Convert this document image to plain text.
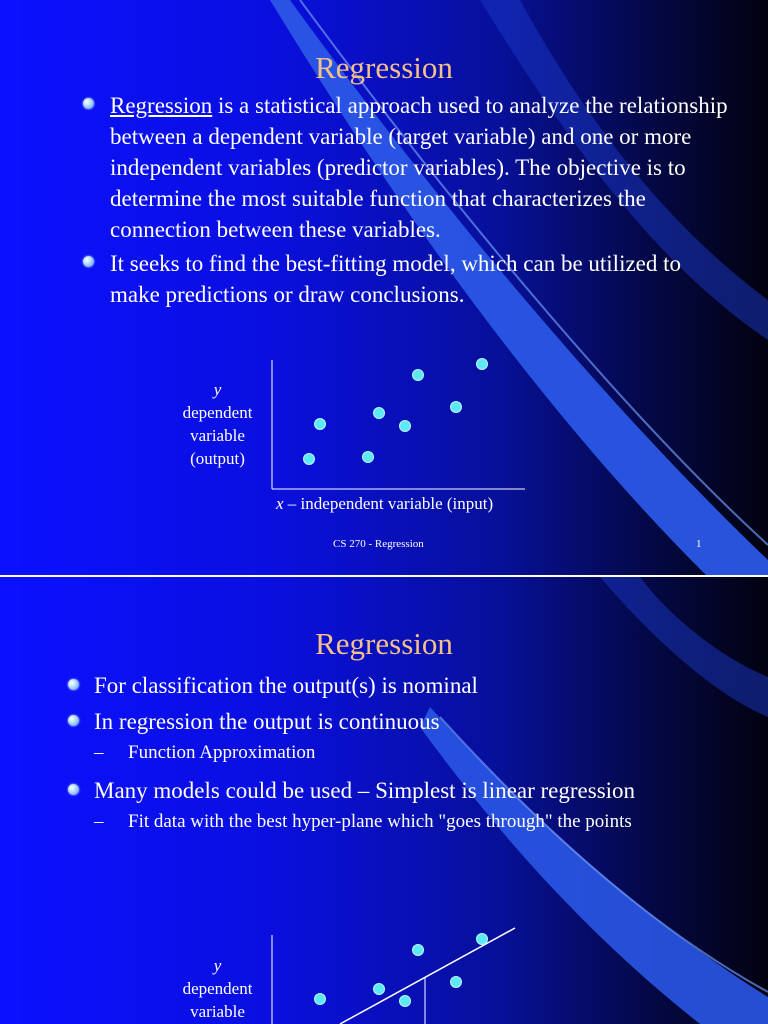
Regression
Regression is a statistical approach used to analyze the relationship between a dependent variable (target variable) and one or more independent variables (predictor variables). The objective is to determine the most suitable function that characterizes the connection between these variables.
It seeks to find the best-fitting model, which can be utilized to make predictions or draw conclusions.
y
dependent
variable
(output)
x – independent variable (input)
CS 270 - Regression	1
Regression
For classification the output(s) is nominal
In regression the output is continuous
– Function Approximation
Many models could be used – Simplest is linear regression
– Fit data with the best hyper-plane which "goes through" the points
y
dependent
variable
